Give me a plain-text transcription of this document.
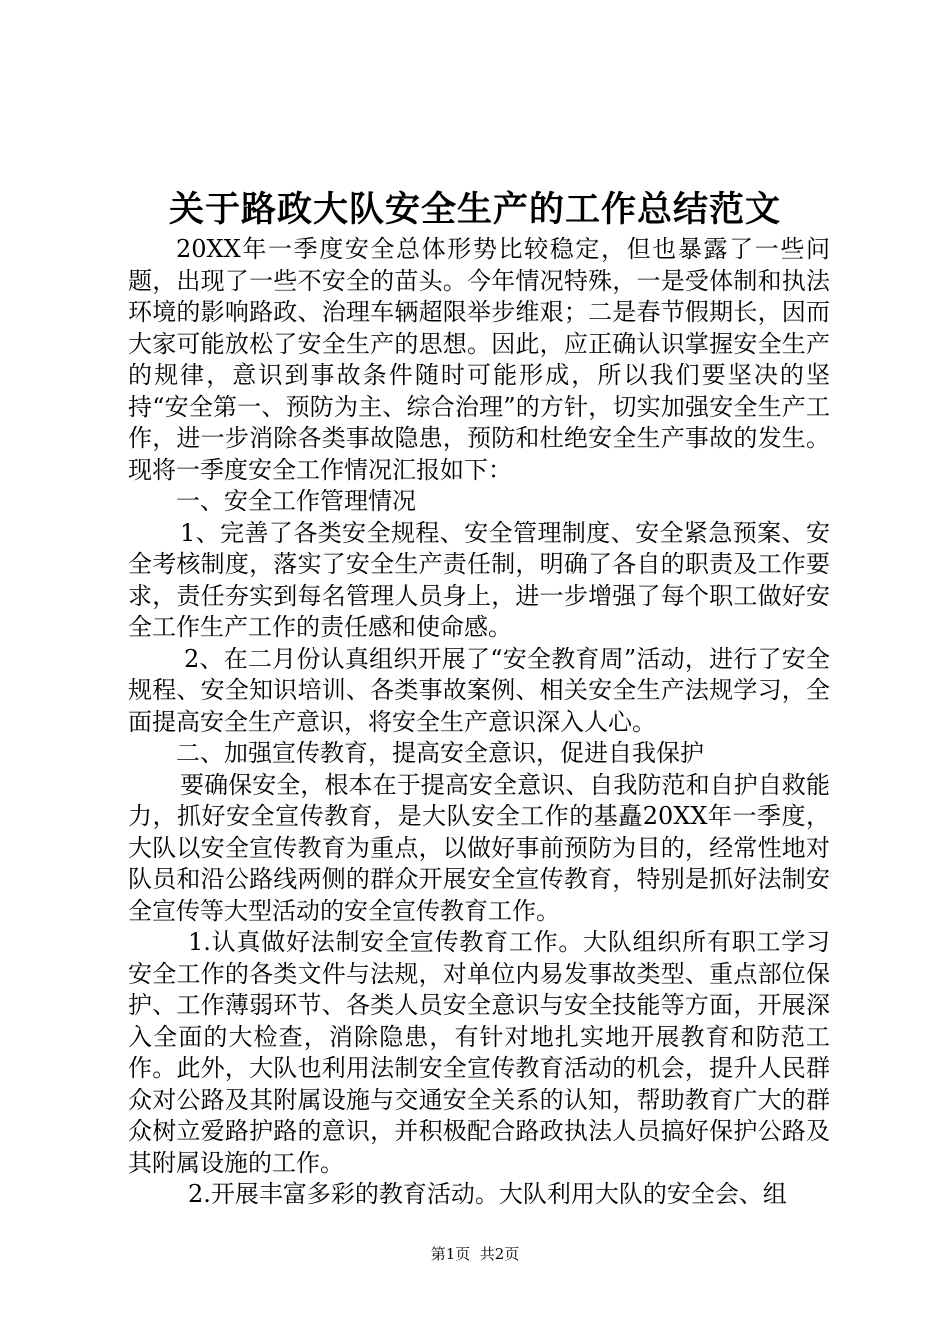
关于路政大队安全生产的工作总结范文

20XX年一季度安全总体形势比较稳定，但也暴露了一些问题，出现了一些不安全的苗头。今年情况特殊，一是受体制和执法环境的影响路政、治理车辆超限举步维艰；二是春节假期长，因而大家可能放松了安全生产的思想。因此，应正确认识掌握安全生产的规律，意识到事故条件随时可能形成，所以我们要坚决的坚持“安全第一、预防为主、综合治理”的方针，切实加强安全生产工作，进一步消除各类事故隐患，预防和杜绝安全生产事故的发生。现将一季度安全工作情况汇报如下：

一、安全工作管理情况

1、完善了各类安全规程、安全管理制度、安全紧急预案、安全考核制度，落实了安全生产责任制，明确了各自的职责及工作要求，责任夯实到每名管理人员身上，进一步增强了每个职工做好安全工作生产工作的责任感和使命感。

2、在二月份认真组织开展了“安全教育周”活动，进行了安全规程、安全知识培训、各类事故案例、相关安全生产法规学习，全面提高安全生产意识，将安全生产意识深入人心。

二、加强宣传教育，提高安全意识，促进自我保护

要确保安全，根本在于提高安全意识、自我防范和自护自救能力，抓好安全宣传教育，是大队安全工作的基矗20XX年一季度，大队以安全宣传教育为重点，以做好事前预防为目的，经常性地对队员和沿公路线两侧的群众开展安全宣传教育，特别是抓好法制安全宣传等大型活动的安全宣传教育工作。

1.认真做好法制安全宣传教育工作。大队组织所有职工学习安全工作的各类文件与法规，对单位内易发事故类型、重点部位保护、工作薄弱环节、各类人员安全意识与安全技能等方面，开展深入全面的大检查，消除隐患，有针对地扎实地开展教育和防范工作。此外，大队也利用法制安全宣传教育活动的机会，提升人民群众对公路及其附属设施与交通安全关系的认知，帮助教育广大的群众树立爱路护路的意识，并积极配合路政执法人员搞好保护公路及其附属设施的工作。

2.开展丰富多彩的教育活动。大队利用大队的安全会、组

第1页  共2页
